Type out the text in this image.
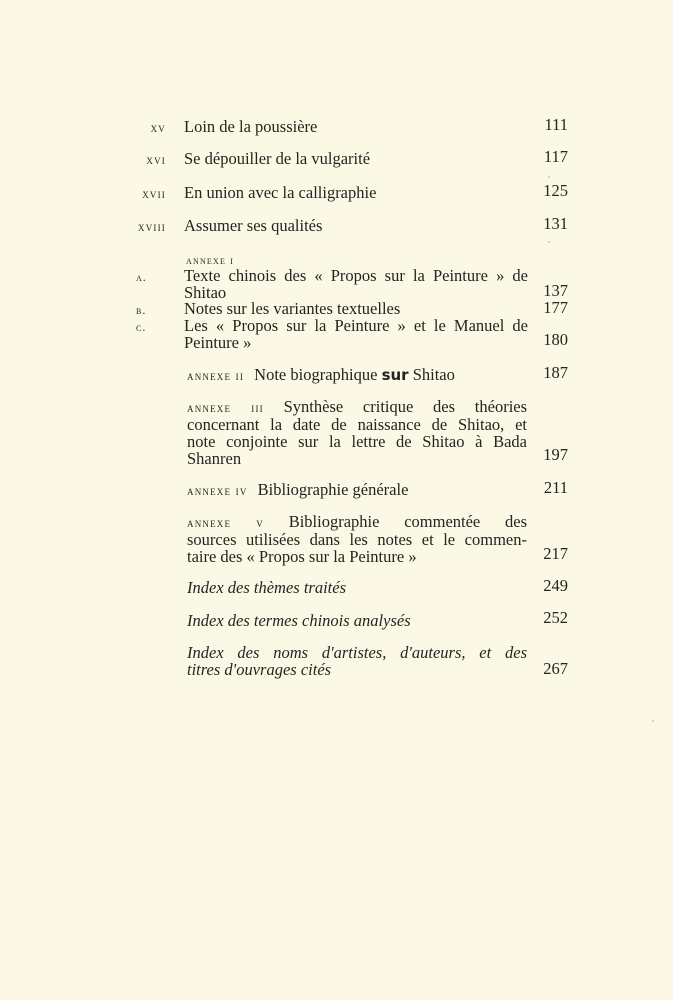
xv Loin de la poussière	111
xvi Se dépouiller de la vulgarité	117
xvii En union avec la calligraphie	125
xviii Assumer ses qualités	131
annexe i
a.	Texte chinois des « Propos sur la Peinture » de
Shitao	137
b.	Notes sur les variantes textuelles	177
c.	Les « Propos sur la Peinture » et le Manuel de
Peinture »	180
annexe ii Note biographique sur Shitao	187
annexe iii Synthèse critique des théories
concernant la date de naissance de Shitao, et
note conjointe sur la lettre de Shitao à Bada
Shanren	197
annexe iv Bibliographie générale	211
annexe v Bibliographie commentée des
sources utilisées dans les notes et le commen-
taire des « Propos sur la Peinture »	217
Index des thèmes traités	249
Index des termes chinois analysés	252
Index des noms d'artistes, d'auteurs, et des
titres d'ouvrages cités	267
